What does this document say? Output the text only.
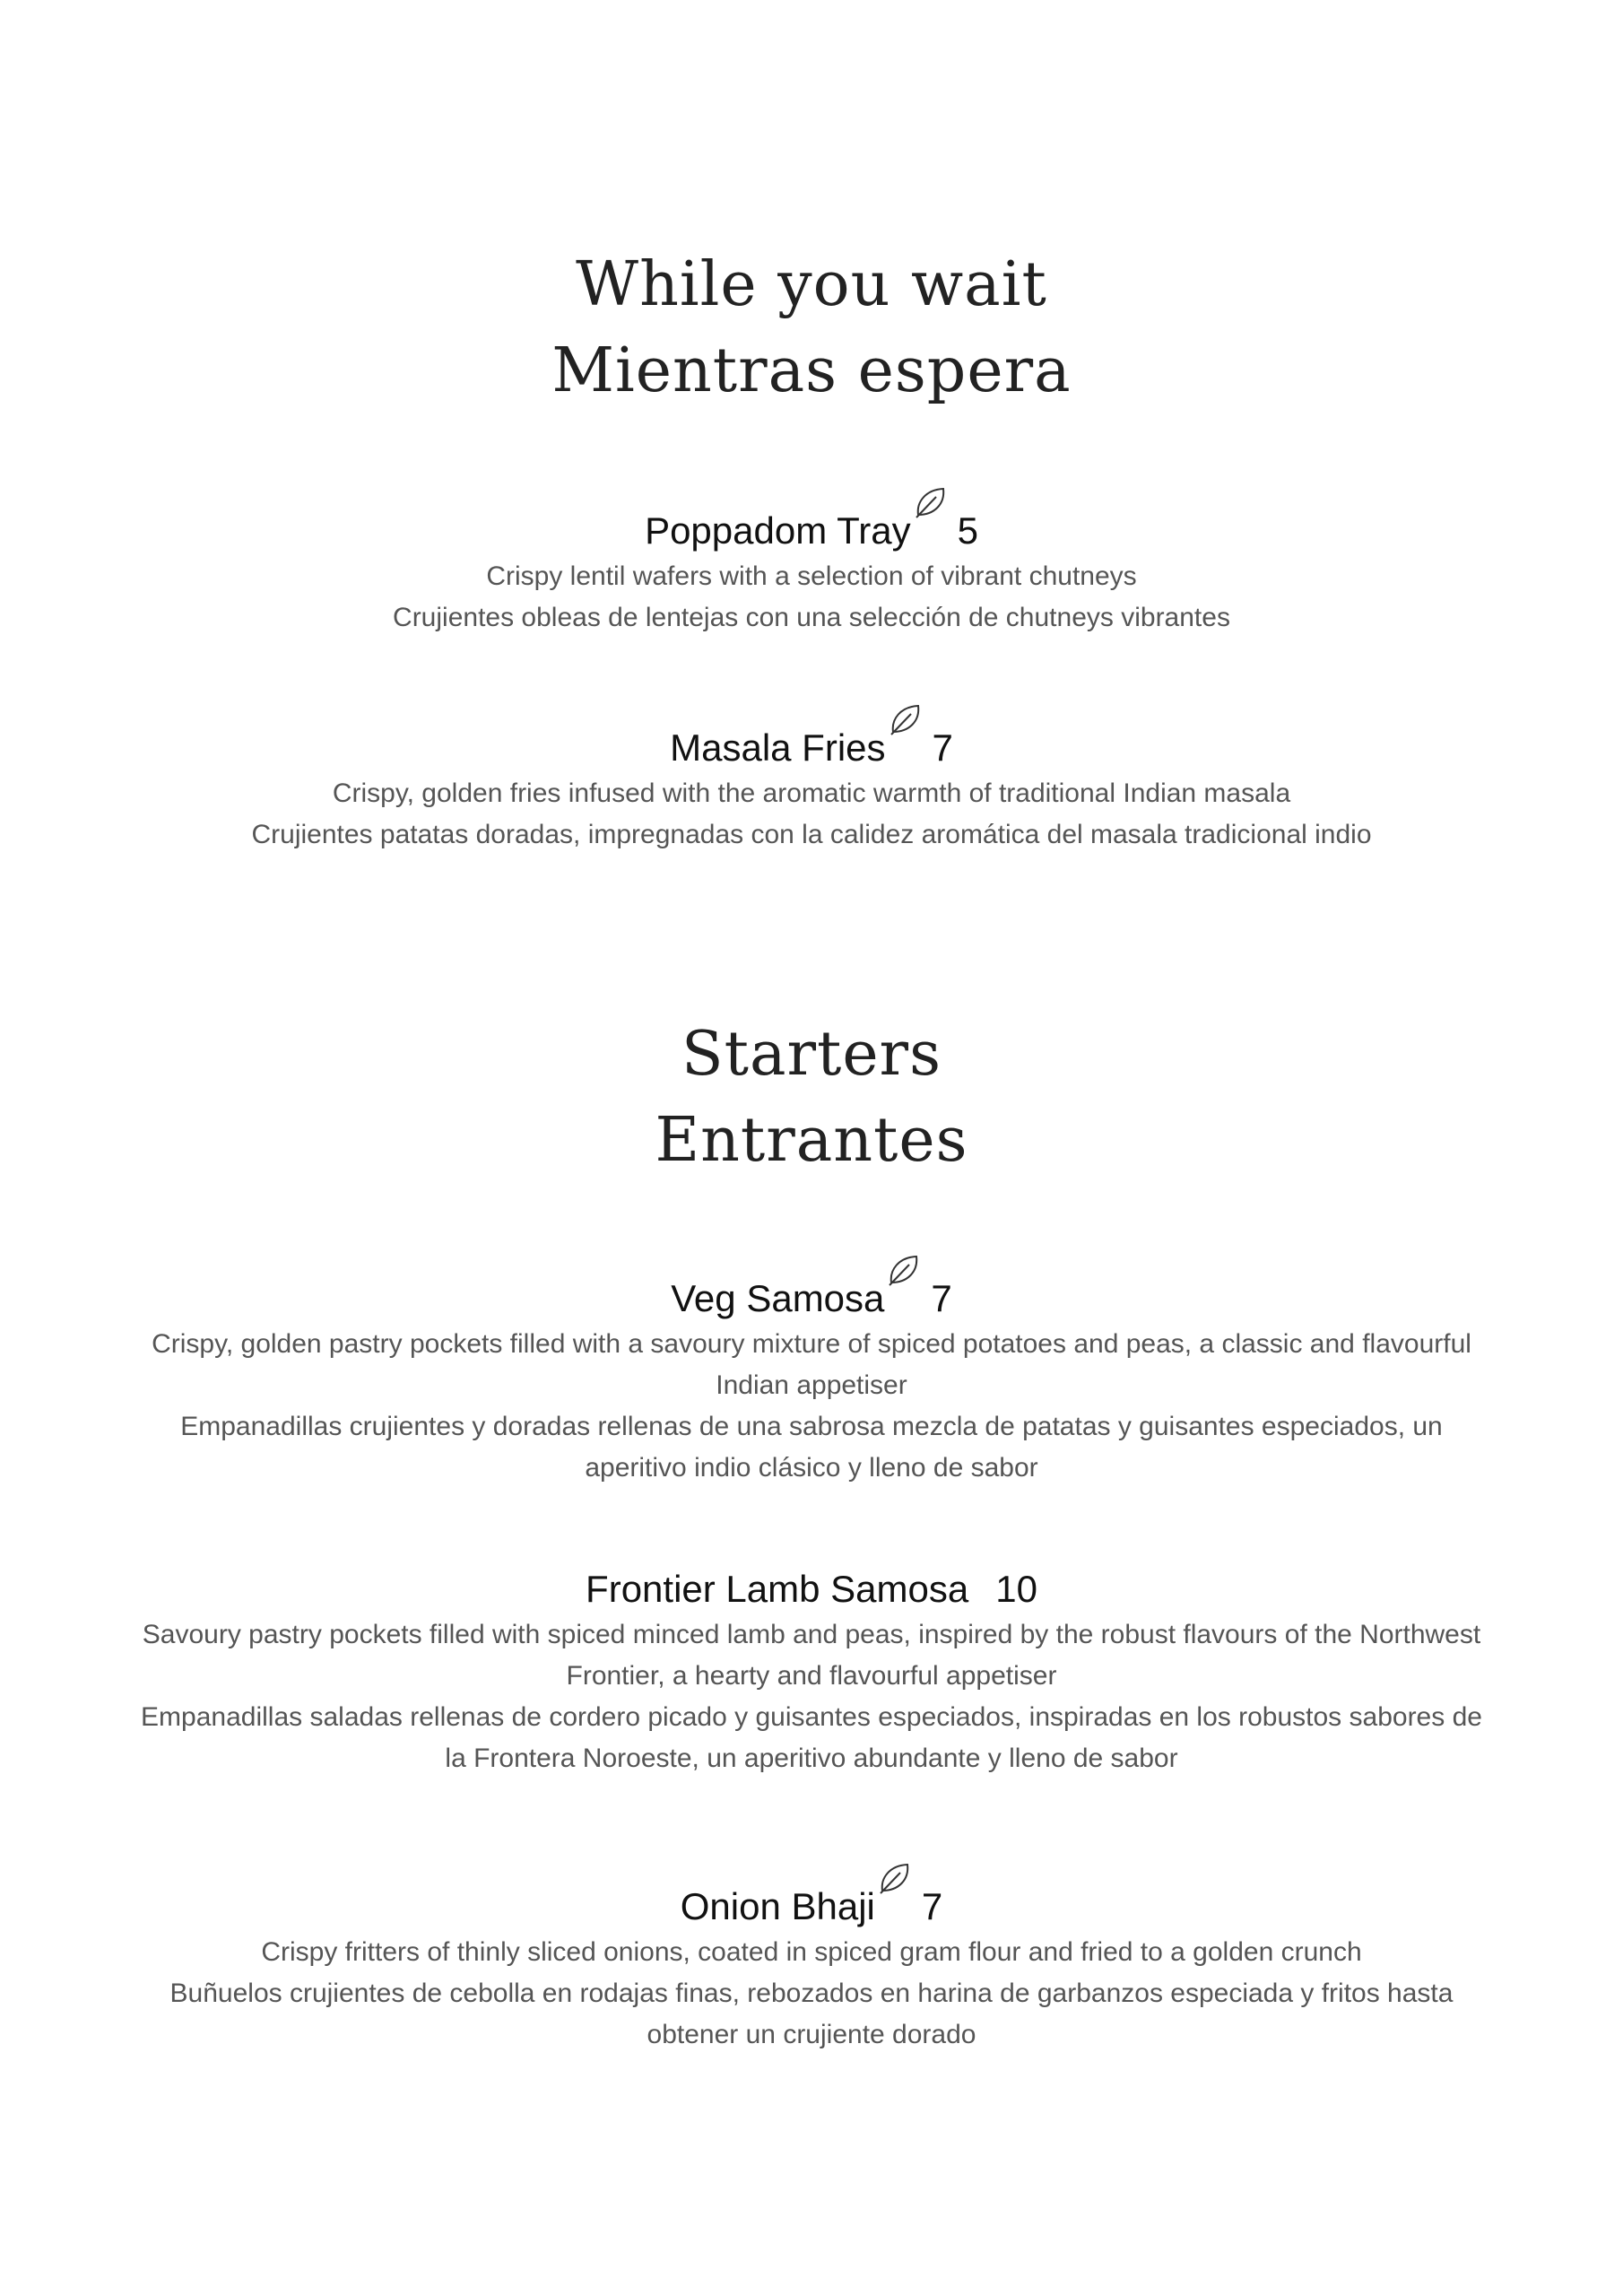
While you wait
Mientras espera
Poppadom Tray 5

Crispy lentil wafers with a selection of vibrant chutneys

Crujientes obleas de lentejas con una selección de chutneys vibrantes

Masala Fries 7

Crispy, golden fries infused with the aromatic warmth of traditional Indian masala

Crujientes patatas doradas, impregnadas con la calidez aromática del masala tradicional indio

Starters
Entrantes
Veg Samosa 7

Crispy, golden pastry pockets filled with a savoury mixture of spiced potatoes and peas, a classic and flavourful Indian appetiser

Empanadillas crujientes y doradas rellenas de una sabrosa mezcla de patatas y guisantes especiados, un aperitivo indio clásico y lleno de sabor

Frontier Lamb Samosa 10

Savoury pastry pockets filled with spiced minced lamb and peas, inspired by the robust flavours of the Northwest Frontier, a hearty and flavourful appetiser

Empanadillas saladas rellenas de cordero picado y guisantes especiados, inspiradas en los robustos sabores de la Frontera Noroeste, un aperitivo abundante y lleno de sabor

Onion Bhaji 7

Crispy fritters of thinly sliced onions, coated in spiced gram flour and fried to a golden crunch

Buñuelos crujientes de cebolla en rodajas finas, rebozados en harina de garbanzos especiada y fritos hasta obtener un crujiente dorado
